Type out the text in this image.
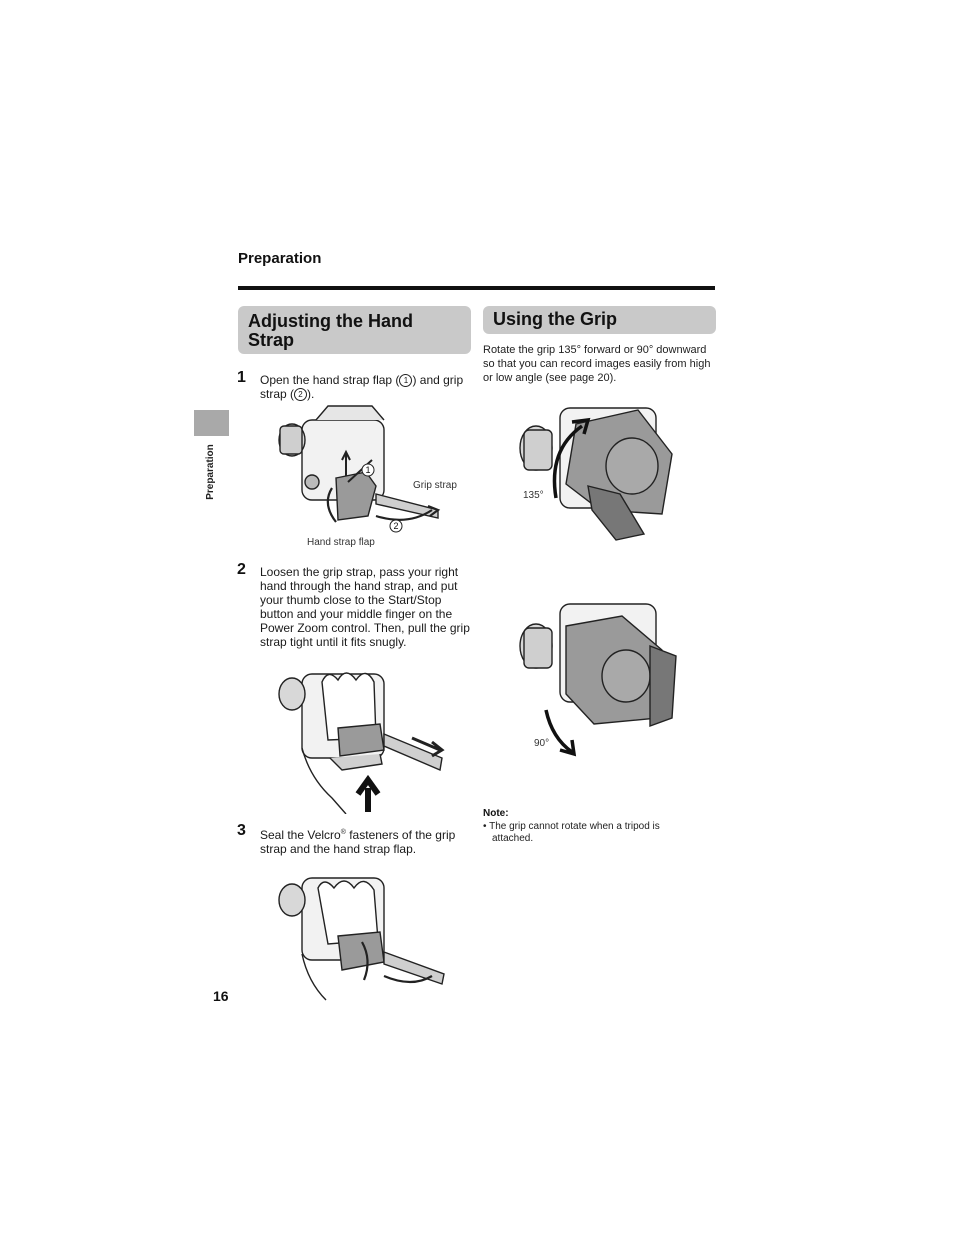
Preparation
Preparation
Adjusting the Hand Strap
Using the Grip
1 Open the hand strap flap ( 1 ) and grip strap ( 2 ).
1
2
Grip strap
Hand strap flap
2 Loosen the grip strap, pass your right hand through the hand strap, and put your thumb close to the Start/Stop button and your middle finger on the Power Zoom control. Then, pull the grip strap tight until it fits snugly.
3 Seal the Velcro® fasteners of the grip strap and the hand strap flap.
Rotate the grip 135° forward or 90° downward so that you can record images easily from high or low angle (see page 20).
135°
90°
Note:
• The grip cannot rotate when a tripod is attached.
16
